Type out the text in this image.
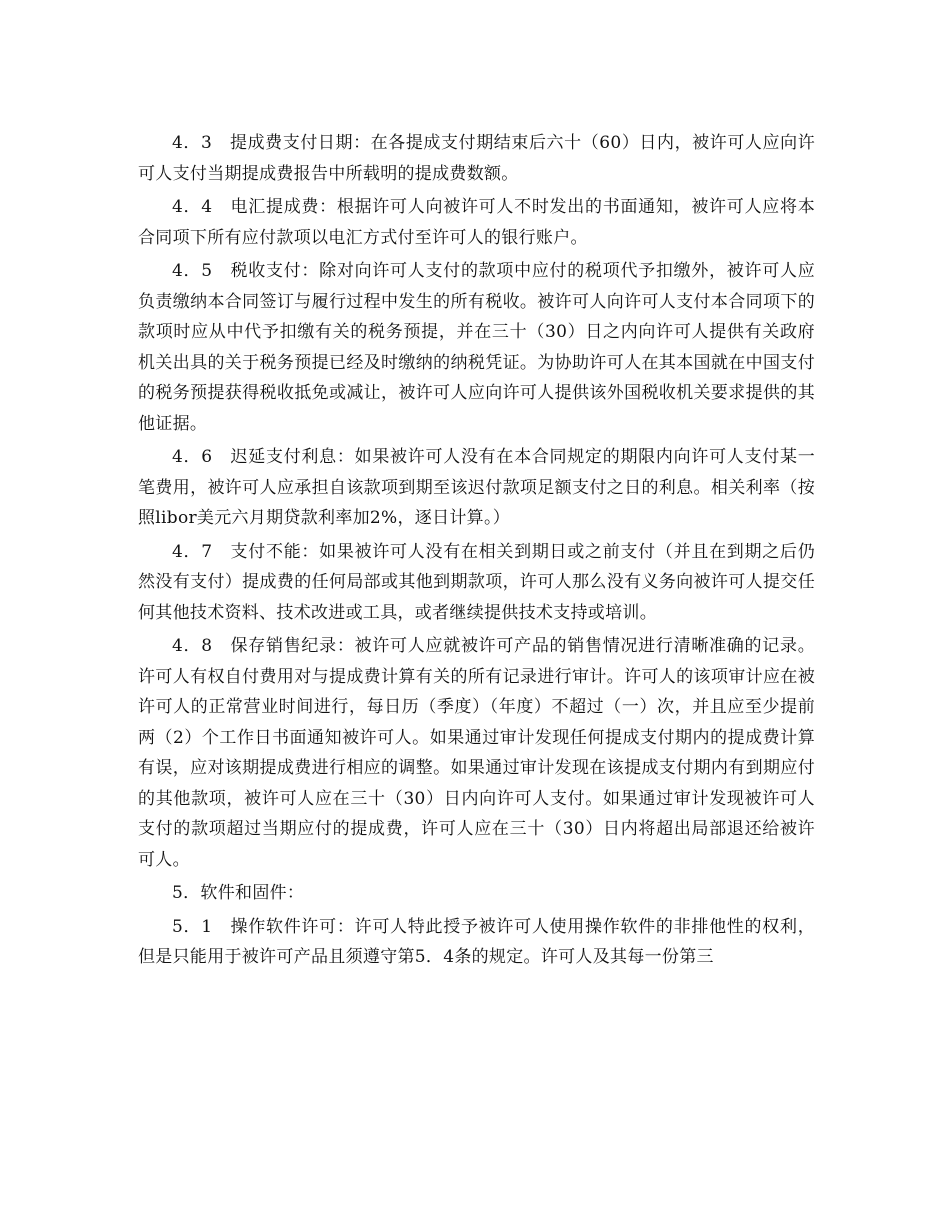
4．3　提成费支付日期：在各提成支付期结束后六十（60）日内，被许可人应向许可人支付当期提成费报告中所载明的提成费数额。

4．4　电汇提成费：根据许可人向被许可人不时发出的书面通知，被许可人应将本合同项下所有应付款项以电汇方式付至许可人的银行账户。

4．5　税收支付：除对向许可人支付的款项中应付的税项代予扣缴外，被许可人应负责缴纳本合同签订与履行过程中发生的所有税收。被许可人向许可人支付本合同项下的款项时应从中代予扣缴有关的税务预提，并在三十（30）日之内向许可人提供有关政府机关出具的关于税务预提已经及时缴纳的纳税凭证。为协助许可人在其本国就在中国支付的税务预提获得税收抵免或减让，被许可人应向许可人提供该外国税收机关要求提供的其他证据。

4．6　迟延支付利息：如果被许可人没有在本合同规定的期限内向许可人支付某一笔费用，被许可人应承担自该款项到期至该迟付款项足额支付之日的利息。相关利率（按照libor美元六月期贷款利率加2%，逐日计算。）

4．7　支付不能：如果被许可人没有在相关到期日或之前支付（并且在到期之后仍然没有支付）提成费的任何局部或其他到期款项，许可人那么没有义务向被许可人提交任何其他技术资料、技术改进或工具，或者继续提供技术支持或培训。

4．8　保存销售纪录：被许可人应就被许可产品的销售情况进行清晰准确的记录。许可人有权自付费用对与提成费计算有关的所有记录进行审计。许可人的该项审计应在被许可人的正常营业时间进行，每日历（季度）（年度）不超过（一）次，并且应至少提前两（2）个工作日书面通知被许可人。如果通过审计发现任何提成支付期内的提成费计算有误，应对该期提成费进行相应的调整。如果通过审计发现在该提成支付期内有到期应付的其他款项，被许可人应在三十（30）日内向许可人支付。如果通过审计发现被许可人支付的款项超过当期应付的提成费，许可人应在三十（30）日内将超出局部退还给被许可人。

5．软件和固件：

5．1　操作软件许可：许可人特此授予被许可人使用操作软件的非排他性的权利，但是只能用于被许可产品且须遵守第5．4条的规定。许可人及其每一份第三
